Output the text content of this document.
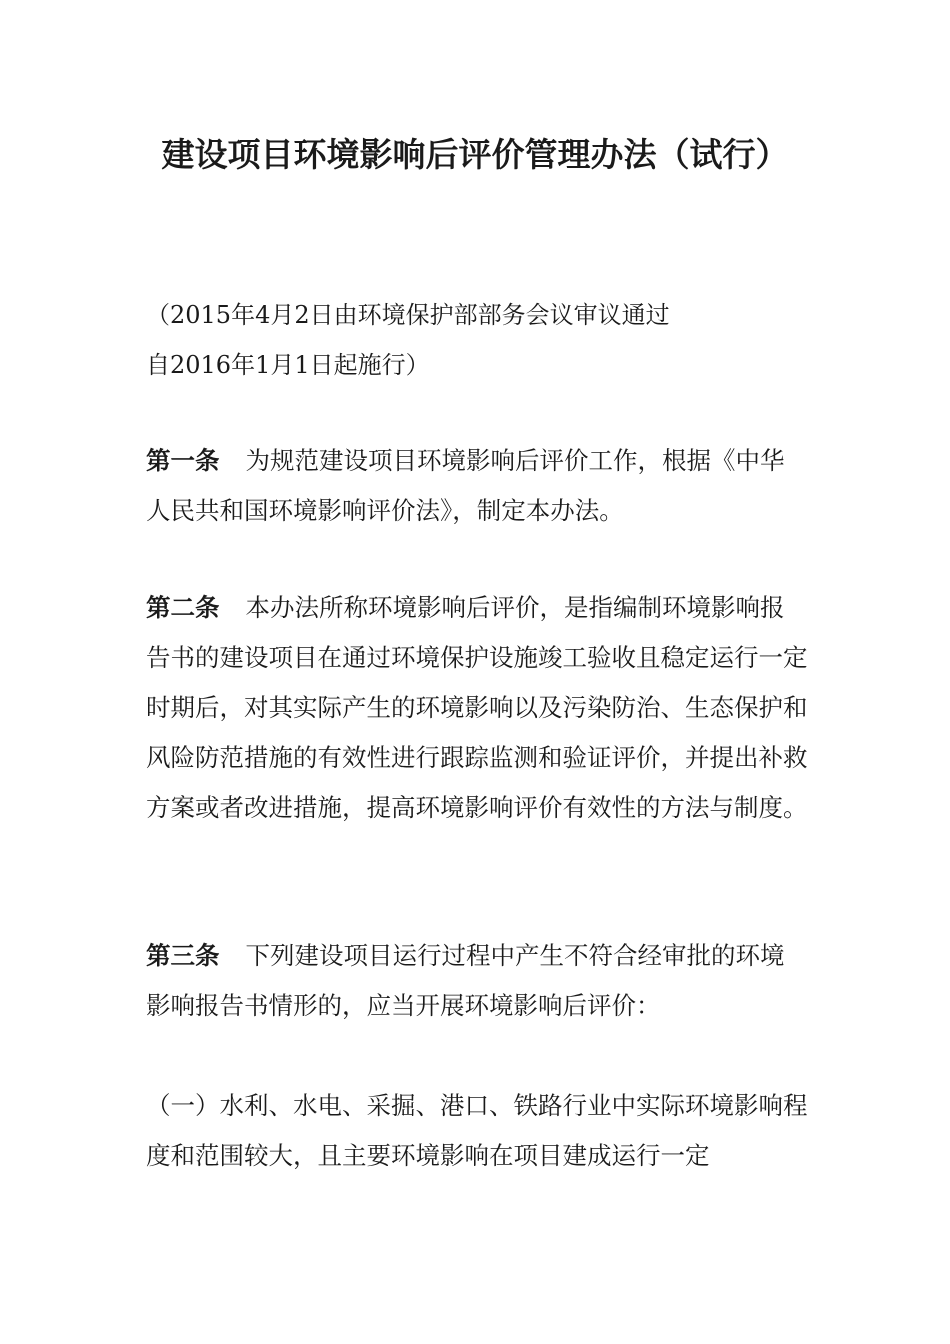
建设项目环境影响后评价管理办法（试行）

（2015年4月2日由环境保护部部务会议审议通过
自2016年1月1日起施行）

第一条 为规范建设项目环境影响后评价工作，根据《中华人民共和国环境影响评价法》，制定本办法。

第二条 本办法所称环境影响后评价，是指编制环境影响报告书的建设项目在通过环境保护设施竣工验收且稳定运行一定时期后，对其实际产生的环境影响以及污染防治、生态保护和风险防范措施的有效性进行跟踪监测和验证评价，并提出补救方案或者改进措施，提高环境影响评价有效性的方法与制度。

第三条 下列建设项目运行过程中产生不符合经审批的环境影响报告书情形的，应当开展环境影响后评价：

（一）水利、水电、采掘、港口、铁路行业中实际环境影响程度和范围较大，且主要环境影响在项目建成运行一定
